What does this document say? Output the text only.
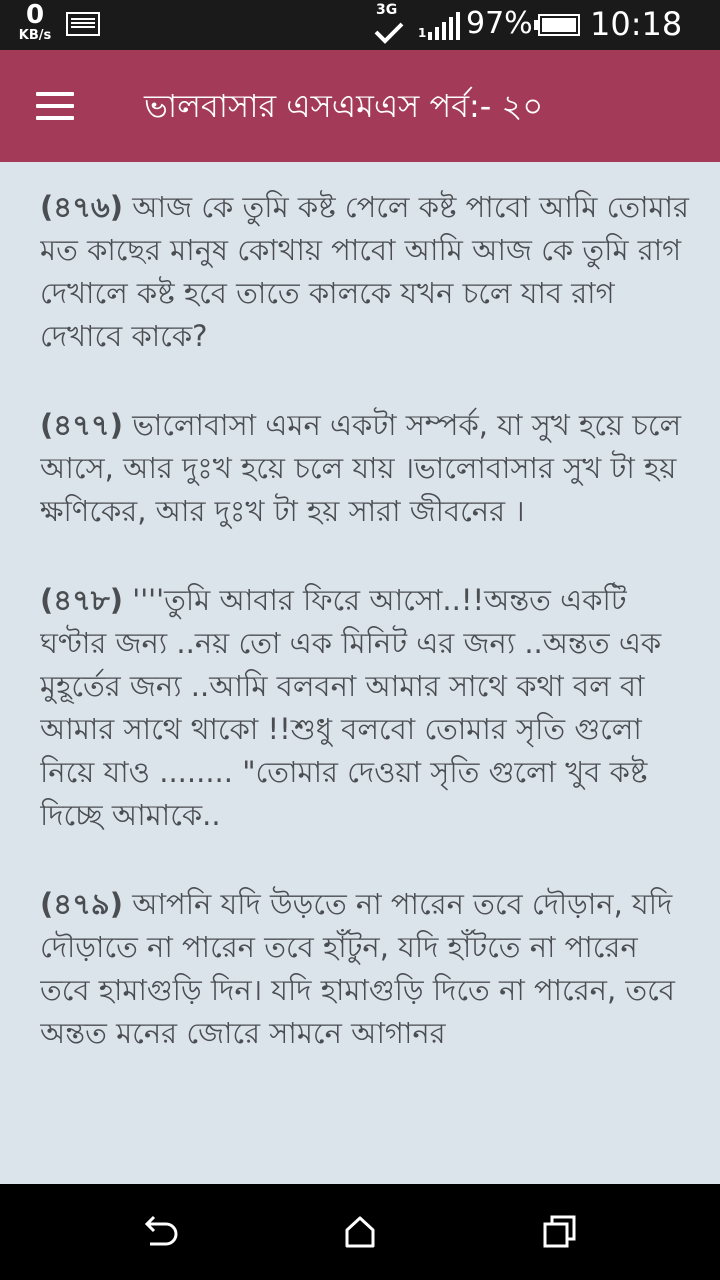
0
KB/s
3G
1 97% 10:18
ভালবাসার এসএমএস পর্ব:- ২০

(৪৭৬) আজ কে তুমি কষ্ট পেলে কষ্ট পাবো আমি তোমার মত কাছের মানুষ কোথায় পাবো আমি আজ কে তুমি রাগ দেখালে কষ্ট হবে তাতে কালকে যখন চলে যাব রাগ দেখাবে কাকে?

(৪৭৭) ভালোবাসা এমন একটা সম্পর্ক, যা সুখ হয়ে চলে আসে, আর দুঃখ হয়ে চলে যায় ।ভালোবাসার সুখ টা হয় ক্ষণিকের, আর দুঃখ টা হয় সারা জীবনের ।

(৪৭৮) ''''তুমি আবার ফিরে আসো..!!অন্তত একটি ঘণ্টার জন্য ..নয় তো এক মিনিট এর জন্য ..অন্তত এক মুহূর্তের জন্য ..আমি বলবনা আমার সাথে কথা বল বা আমার সাথে থাকো !!শুধু বলবো তোমার সৃতি গুলো নিয়ে যাও ........ "তোমার দেওয়া সৃতি গুলো খুব কষ্ট দিচ্ছে আমাকে..

(৪৭৯) আপনি যদি উড়তে না পারেন তবে দৌড়ান, যদি দৌড়াতে না পারেন তবে হাঁটুন, যদি হাঁটতে না পারেন তবে হামাগুড়ি দিন। যদি হামাগুড়ি দিতে না পারেন, তবে অন্তত মনের জোরে সামনে আগানর
